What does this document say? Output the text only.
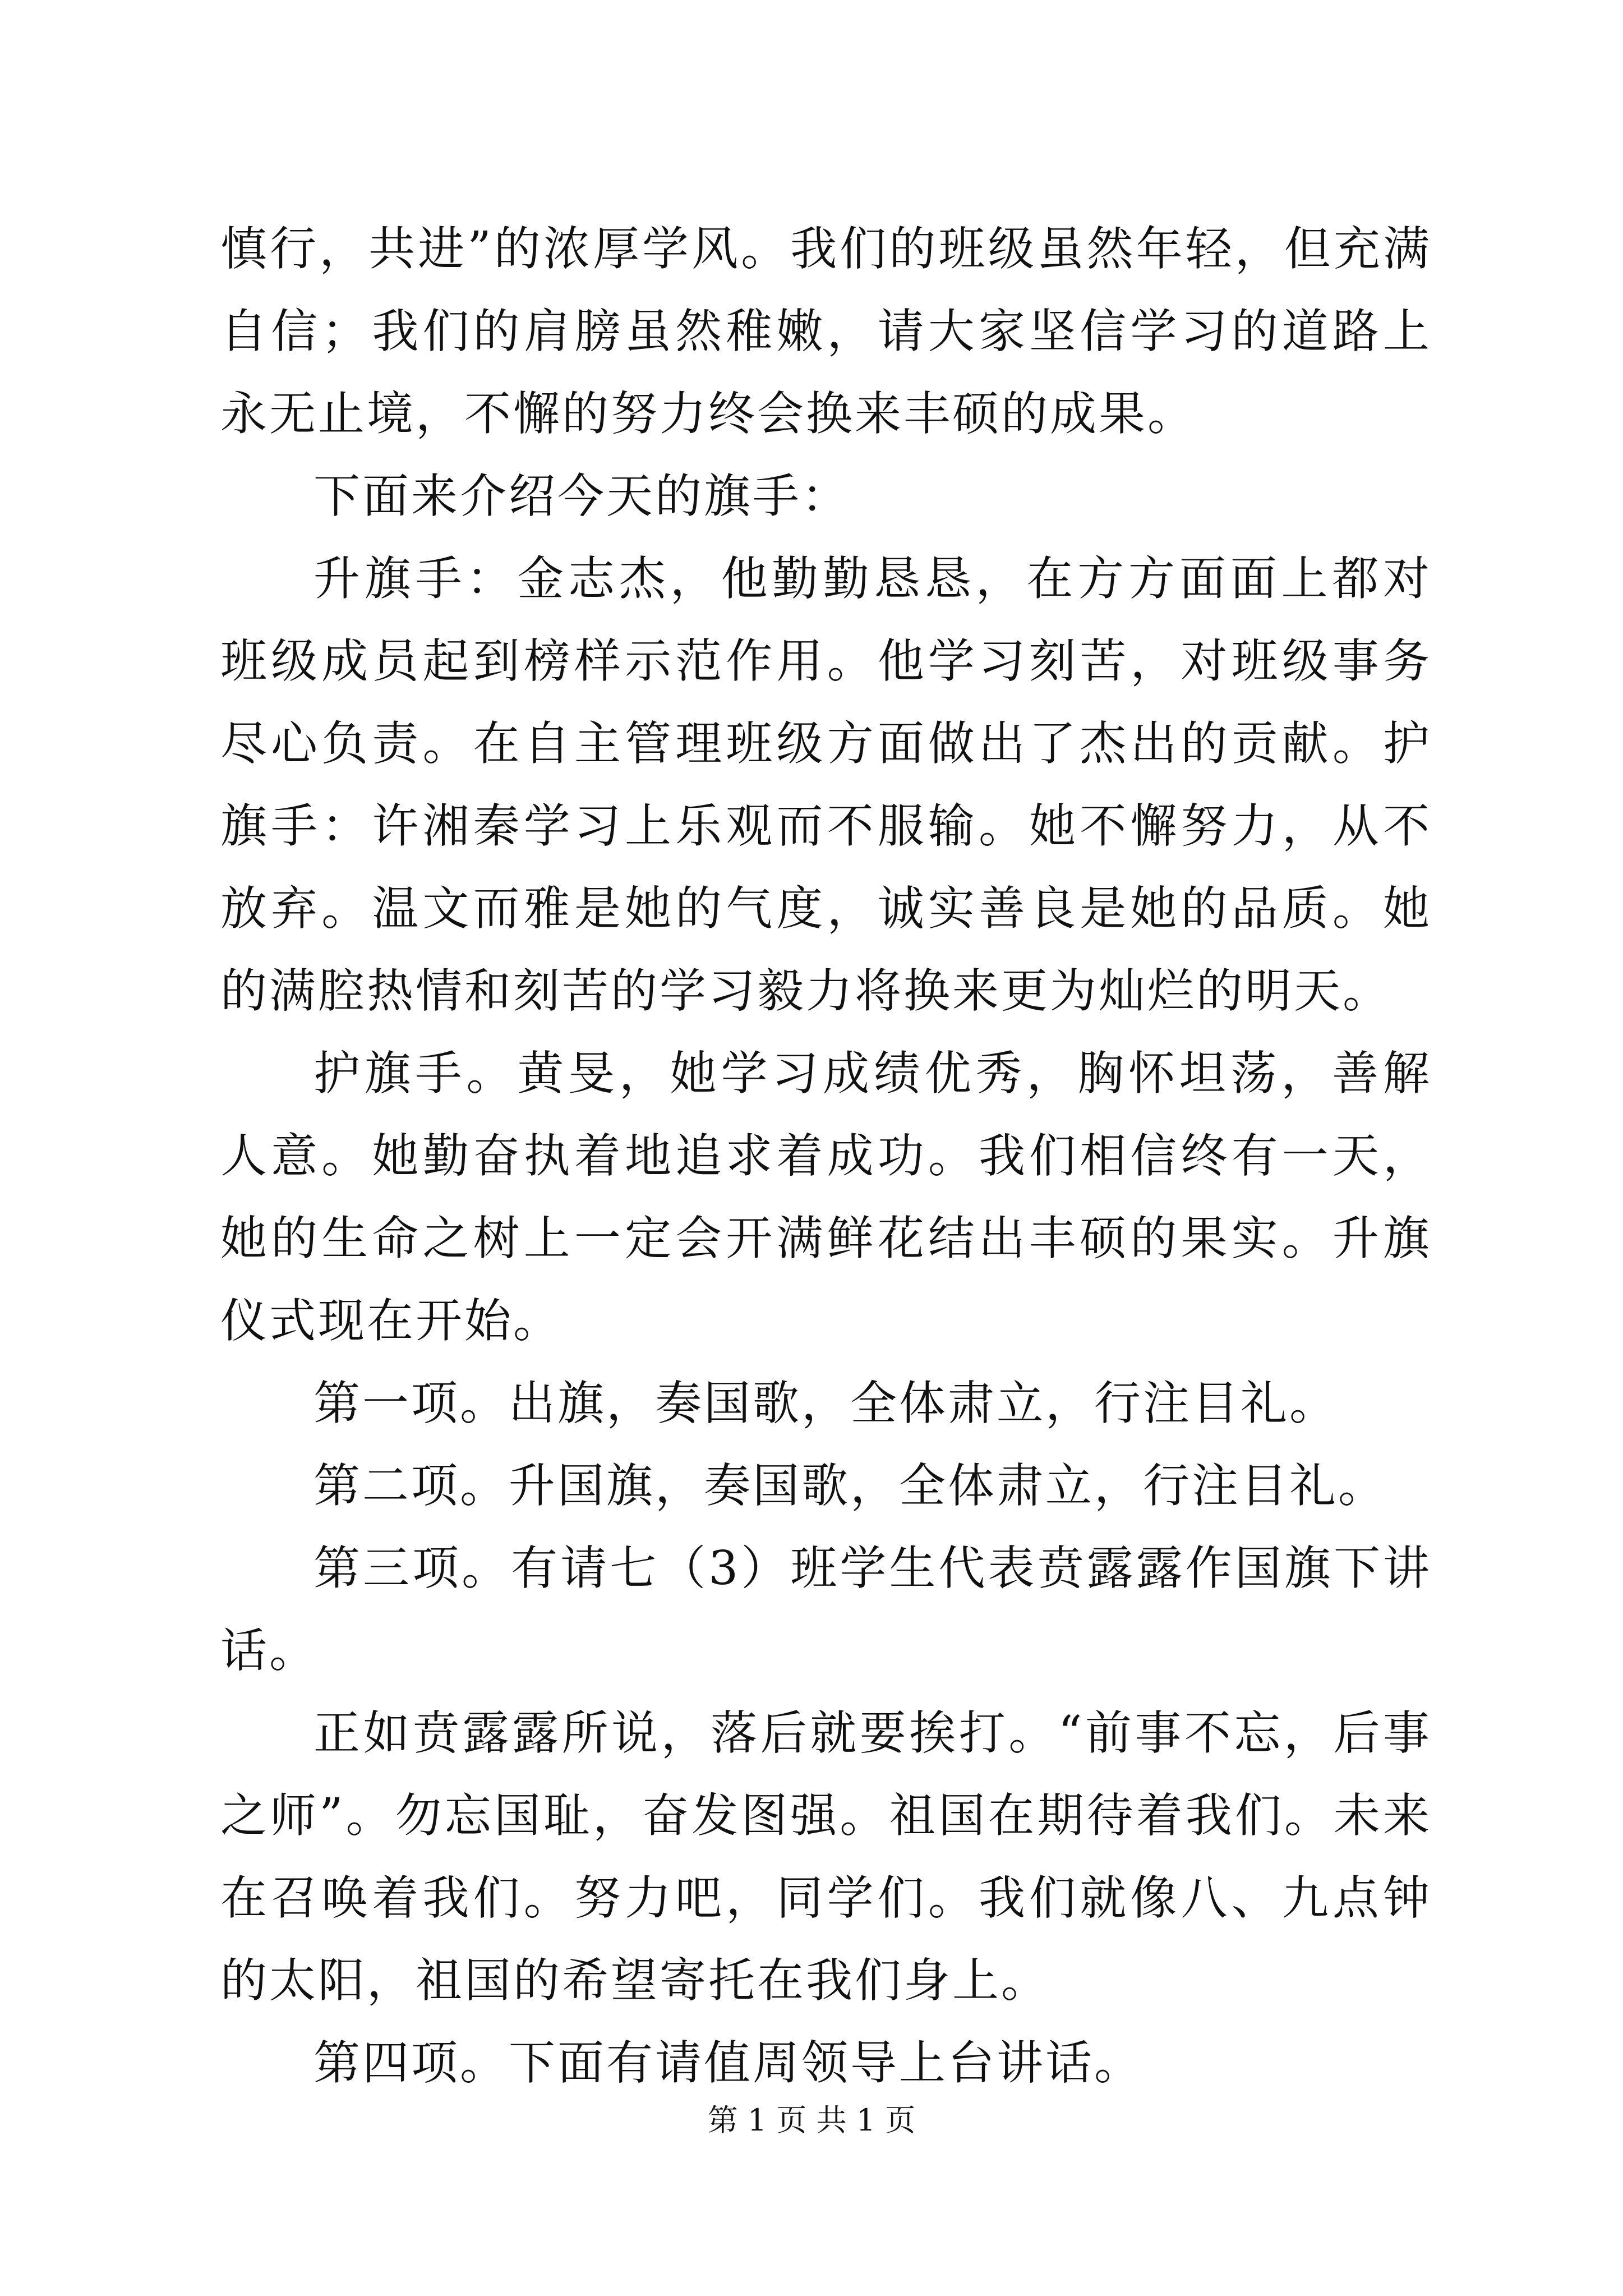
慎行，共进”的浓厚学风。我们的班级虽然年轻，但充满自信；我们的肩膀虽然稚嫩，请大家坚信学习的道路上永无止境，不懈的努力终会换来丰硕的成果。

下面来介绍今天的旗手：

升旗手：金志杰，他勤勤恳恳，在方方面面上都对班级成员起到榜样示范作用。他学习刻苦，对班级事务尽心负责。在自主管理班级方面做出了杰出的贡献。护旗手：许湘秦学习上乐观而不服输。她不懈努力，从不放弃。温文而雅是她的气度，诚实善良是她的品质。她的满腔热情和刻苦的学习毅力将换来更为灿烂的明天。

护旗手。黄旻，她学习成绩优秀，胸怀坦荡，善解人意。她勤奋执着地追求着成功。我们相信终有一天，她的生命之树上一定会开满鲜花结出丰硕的果实。升旗仪式现在开始。

第一项。出旗，奏国歌，全体肃立，行注目礼。

第二项。升国旗，奏国歌，全体肃立，行注目礼。

第三项。有请七（3）班学生代表贲露露作国旗下讲话。

正如贲露露所说，落后就要挨打。“前事不忘，后事之师”。勿忘国耻，奋发图强。祖国在期待着我们。未来在召唤着我们。努力吧，同学们。我们就像八、九点钟的太阳，祖国的希望寄托在我们身上。

第四项。下面有请值周领导上台讲话。

第 1 页 共 1 页
